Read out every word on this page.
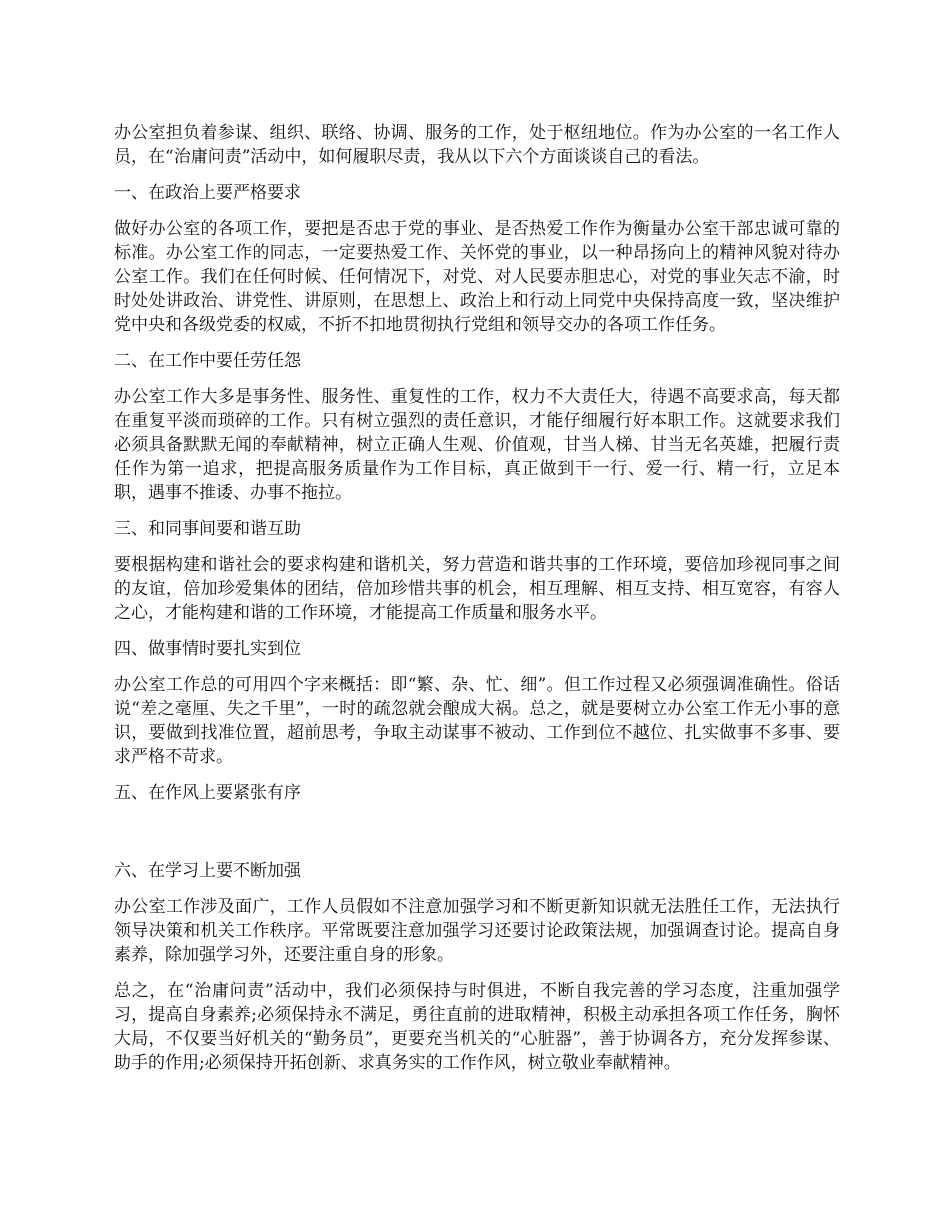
办公室担负着参谋、组织、联络、协调、服务的工作，处于枢纽地位。作为办公室的一名工作人员，在“治庸问责”活动中，如何履职尽责，我从以下六个方面谈谈自己的看法。

一、在政治上要严格要求

做好办公室的各项工作，要把是否忠于党的事业、是否热爱工作作为衡量办公室干部忠诚可靠的标准。办公室工作的同志，一定要热爱工作、关怀党的事业，以一种昂扬向上的精神风貌对待办公室工作。我们在任何时候、任何情况下，对党、对人民要赤胆忠心，对党的事业矢志不渝，时时处处讲政治、讲党性、讲原则，在思想上、政治上和行动上同党中央保持高度一致，坚决维护党中央和各级党委的权威，不折不扣地贯彻执行党组和领导交办的各项工作任务。

二、在工作中要任劳任怨

办公室工作大多是事务性、服务性、重复性的工作，权力不大责任大，待遇不高要求高，每天都在重复平淡而琐碎的工作。只有树立强烈的责任意识，才能仔细履行好本职工作。这就要求我们必须具备默默无闻的奉献精神，树立正确人生观、价值观，甘当人梯、甘当无名英雄，把履行责任作为第一追求，把提高服务质量作为工作目标，真正做到干一行、爱一行、精一行，立足本职，遇事不推诿、办事不拖拉。

三、和同事间要和谐互助

要根据构建和谐社会的要求构建和谐机关，努力营造和谐共事的工作环境，要倍加珍视同事之间的友谊，倍加珍爱集体的团结，倍加珍惜共事的机会，相互理解、相互支持、相互宽容，有容人之心，才能构建和谐的工作环境，才能提高工作质量和服务水平。

四、做事情时要扎实到位

办公室工作总的可用四个字来概括：即“繁、杂、忙、细”。但工作过程又必须强调准确性。俗话说“差之毫厘、失之千里”，一时的疏忽就会酿成大祸。总之，就是要树立办公室工作无小事的意识，要做到找准位置，超前思考，争取主动谋事不被动、工作到位不越位、扎实做事不多事、要求严格不苛求。

五、在作风上要紧张有序

六、在学习上要不断加强

办公室工作涉及面广，工作人员假如不注意加强学习和不断更新知识就无法胜任工作，无法执行领导决策和机关工作秩序。平常既要注意加强学习还要讨论政策法规，加强调查讨论。提高自身素养，除加强学习外，还要注重自身的形象。

总之，在“治庸问责”活动中，我们必须保持与时俱进，不断自我完善的学习态度，注重加强学习，提高自身素养;必须保持永不满足，勇往直前的进取精神，积极主动承担各项工作任务，胸怀大局，不仅要当好机关的“勤务员”，更要充当机关的“心脏器”，善于协调各方，充分发挥参谋、助手的作用;必须保持开拓创新、求真务实的工作作风，树立敬业奉献精神。
